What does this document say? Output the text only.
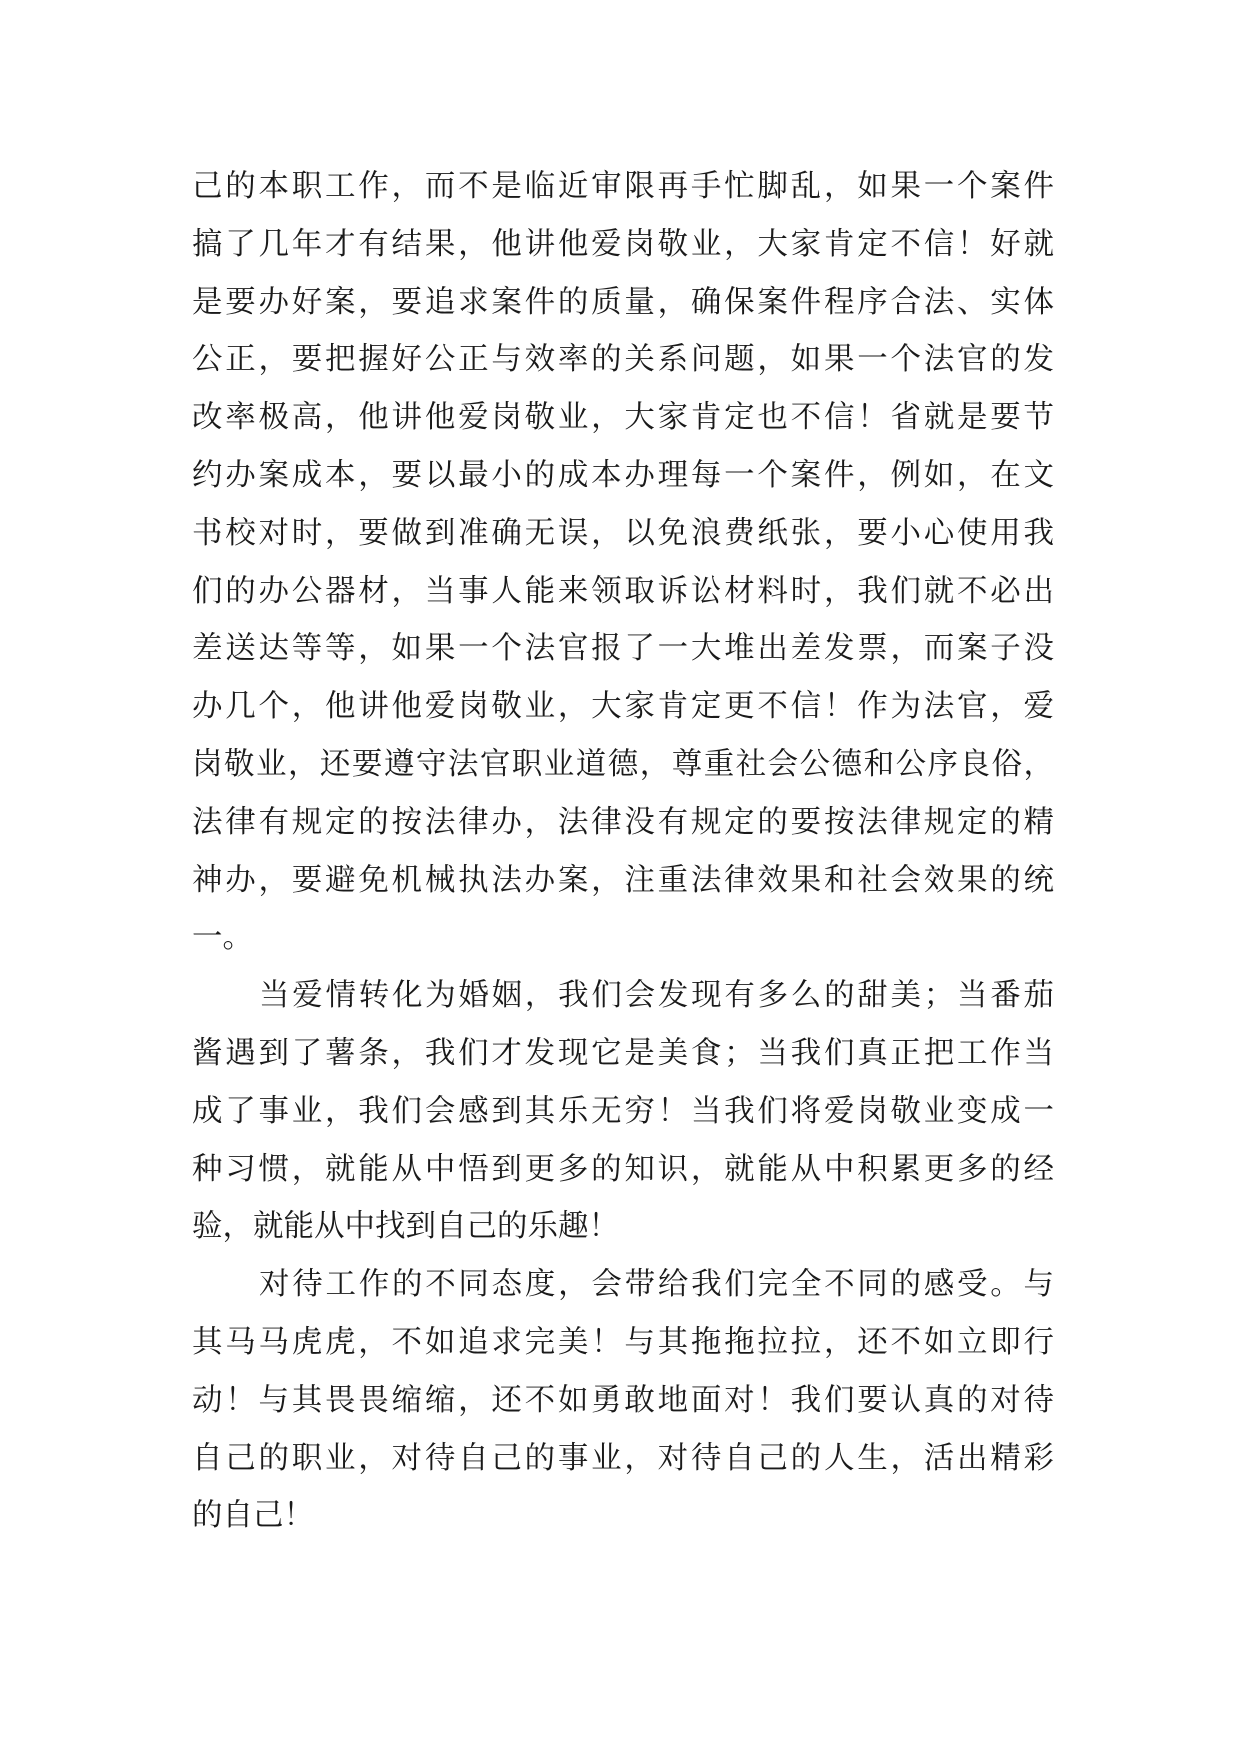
己的本职工作，而不是临近审限再手忙脚乱，如果一个案件
搞了几年才有结果，他讲他爱岗敬业，大家肯定不信！好就
是要办好案，要追求案件的质量，确保案件程序合法、实体
公正，要把握好公正与效率的关系问题，如果一个法官的发
改率极高，他讲他爱岗敬业，大家肯定也不信！省就是要节
约办案成本，要以最小的成本办理每一个案件，例如，在文
书校对时，要做到准确无误，以免浪费纸张，要小心使用我
们的办公器材，当事人能来领取诉讼材料时，我们就不必出
差送达等等，如果一个法官报了一大堆出差发票，而案子没
办几个，他讲他爱岗敬业，大家肯定更不信！作为法官，爱
岗敬业，还要遵守法官职业道德，尊重社会公德和公序良俗，
法律有规定的按法律办，法律没有规定的要按法律规定的精
神办，要避免机械执法办案，注重法律效果和社会效果的统
一。
当爱情转化为婚姻，我们会发现有多么的甜美；当番茄
酱遇到了薯条，我们才发现它是美食；当我们真正把工作当
成了事业，我们会感到其乐无穷！当我们将爱岗敬业变成一
种习惯，就能从中悟到更多的知识，就能从中积累更多的经
验，就能从中找到自己的乐趣！
对待工作的不同态度，会带给我们完全不同的感受。与
其马马虎虎，不如追求完美！与其拖拖拉拉，还不如立即行
动！与其畏畏缩缩，还不如勇敢地面对！我们要认真的对待
自己的职业，对待自己的事业，对待自己的人生，活出精彩
的自己！
